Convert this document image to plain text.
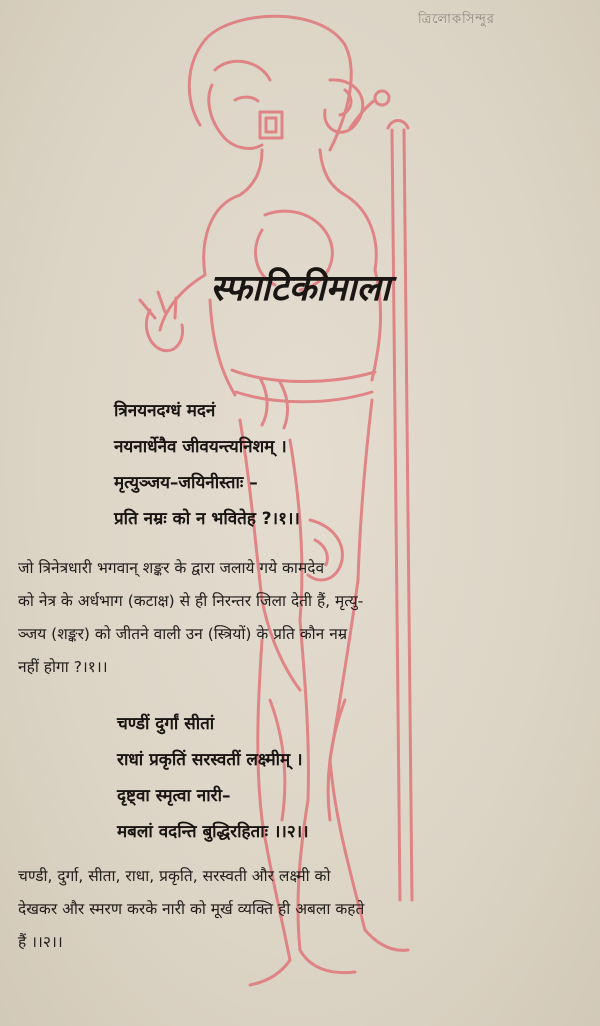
ত্রিলোকসিন্দুর
स्फाटिकीमाला
त्रिनयनदग्धं मदनं
नयनार्धेनैव जीवयन्त्यनिशम् ।
मृत्युञ्जय–जयिनीस्ताः –
प्रति नम्रः को न भवितेह ?।१।।
जो त्रिनेत्रधारी भगवान् शङ्कर के द्वारा जलाये गये कामदेव
को नेत्र के अर्धभाग (कटाक्ष) से ही निरन्तर जिला देती हैं, मृत्यु-
ञ्जय (शङ्कर) को जीतने वाली उन (स्त्रियों) के प्रति कौन नम्र
नहीं होगा ?।१।।
चण्डीं दुर्गां सीतां
राधां प्रकृतिं सरस्वतीं लक्ष्मीम् ।
दृष्ट्वा स्मृत्वा नारी–
मबलां वदन्ति बुद्धिरहिताः ।।२।।
चण्डी, दुर्गा, सीता, राधा, प्रकृति, सरस्वती और लक्ष्मी को
देखकर और स्मरण करके नारी को मूर्ख व्यक्ति ही अबला कहते
हैं ।।२।।
